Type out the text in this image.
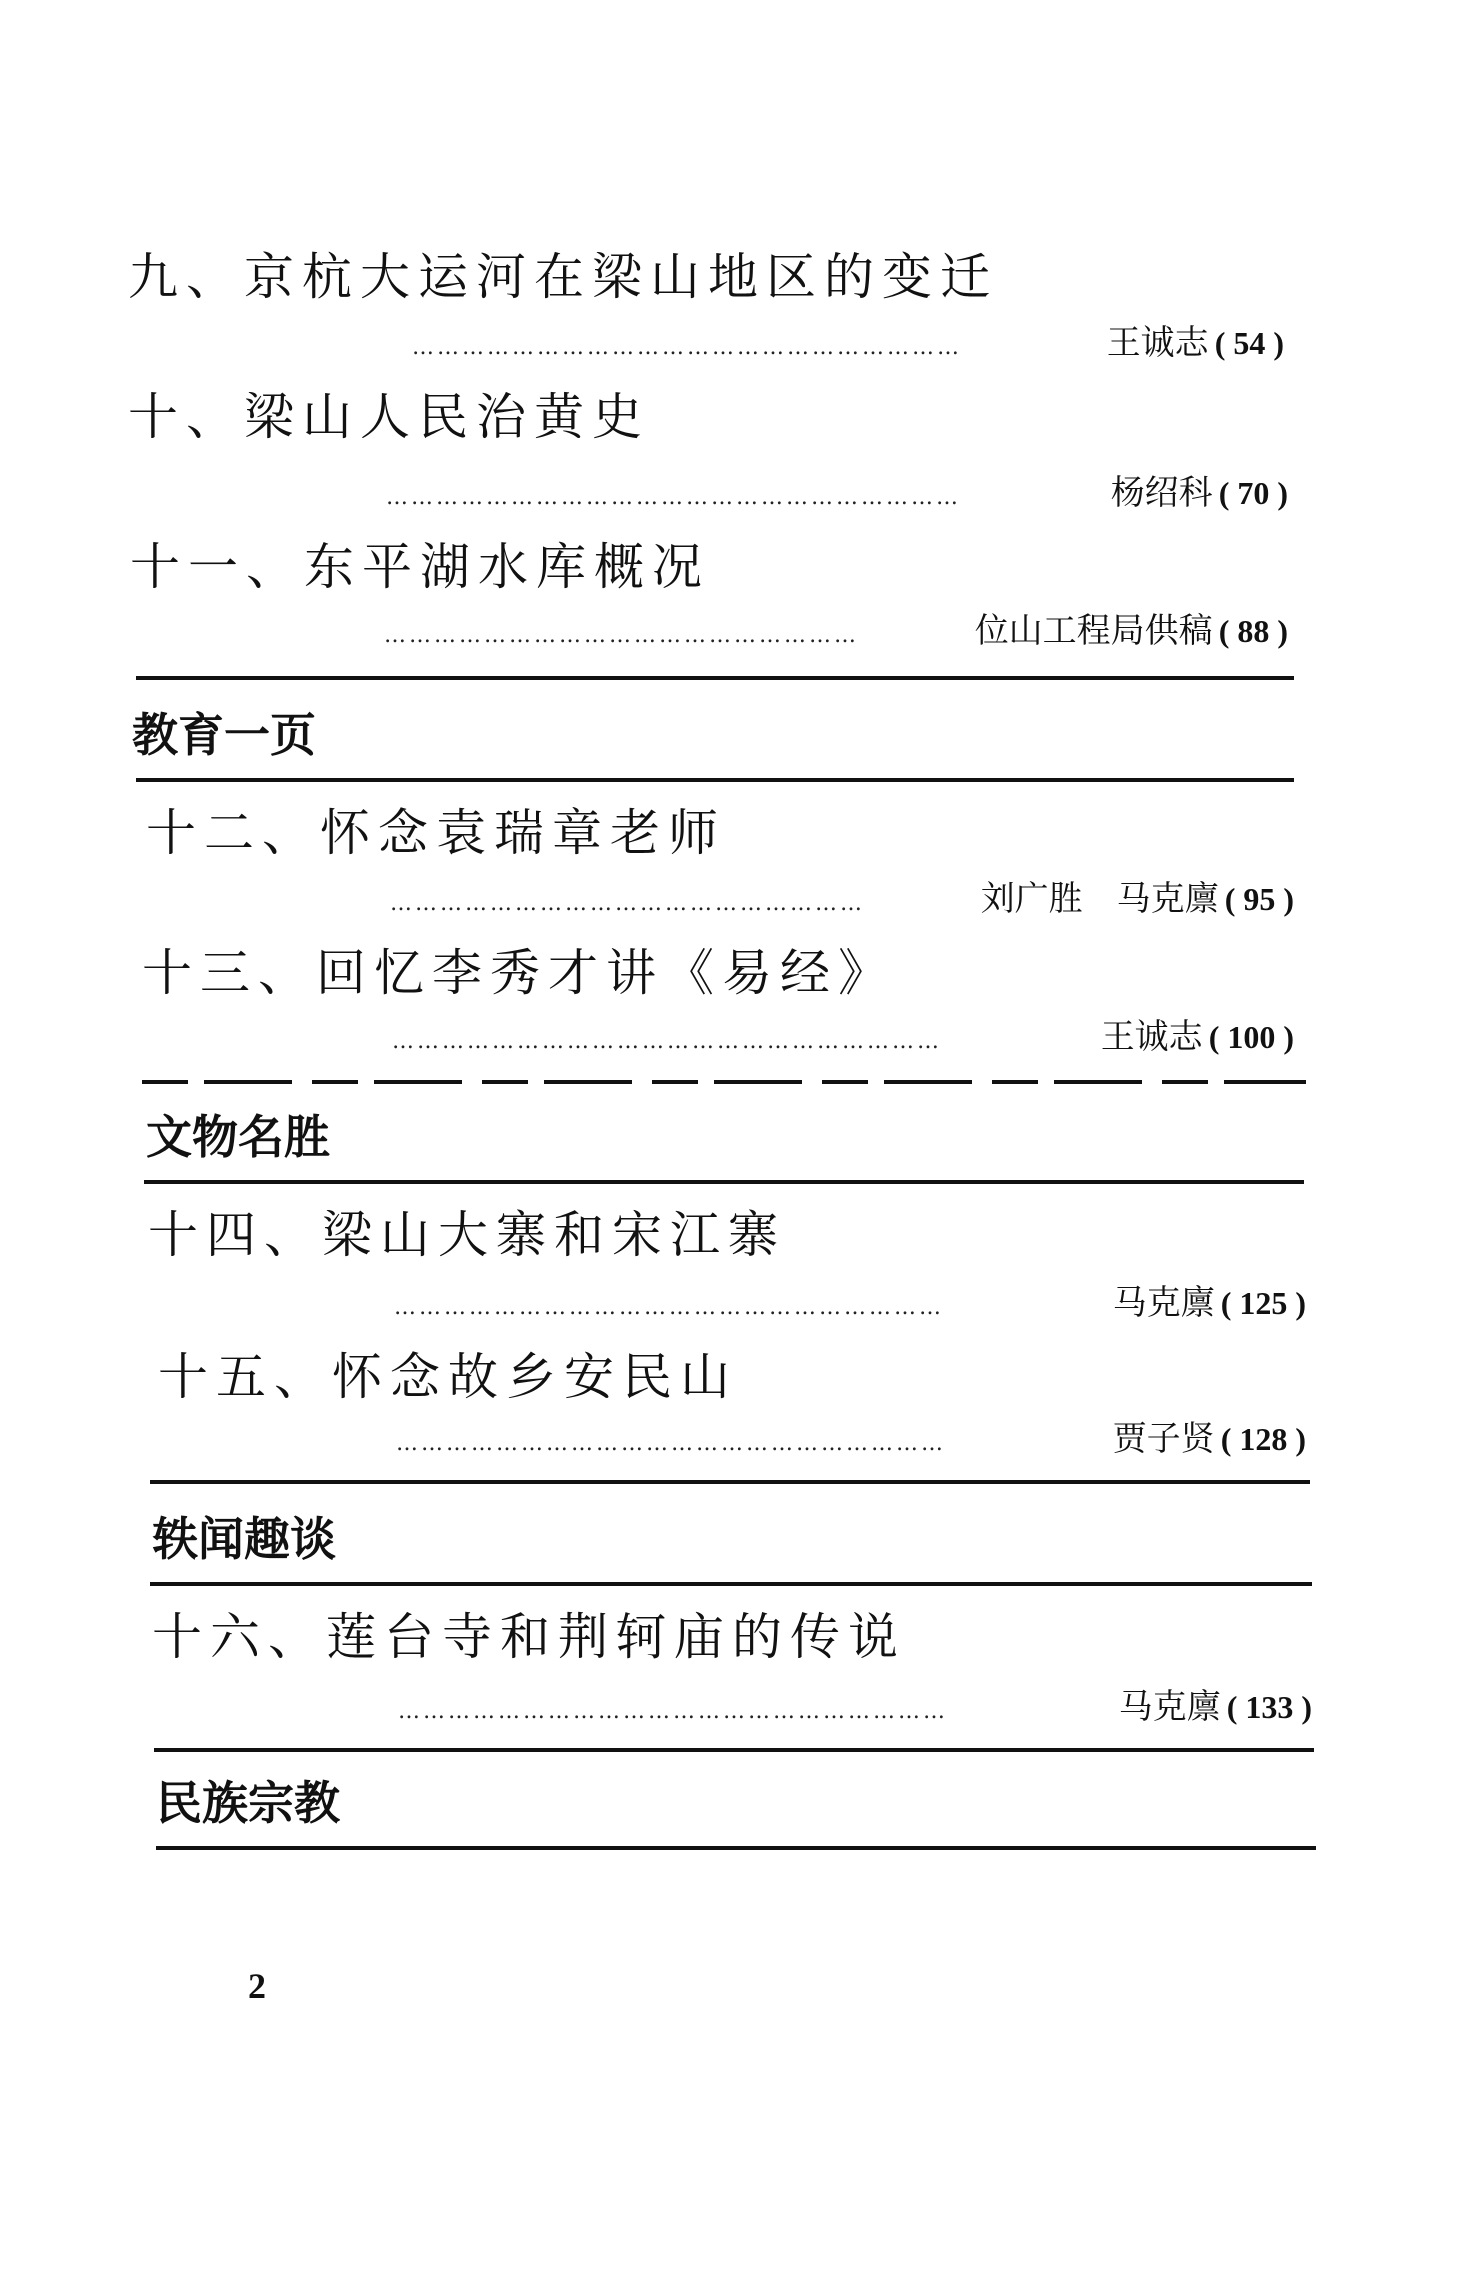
九、京杭大运河在梁山地区的变迁
…………………………………………………………	王诚志 ( 54 )
十、梁山人民治黄史
……………………………………………………………	杨绍科 ( 70 )
十一、东平湖水库概况
…………………………………………………	位山工程局供稿 ( 88 )
教育一页
十二、怀念袁瑞章老师
…………………………………………………	刘广胜　马克廪 ( 95 )
十三、回忆李秀才讲《易经》
…………………………………………………………	王诚志 ( 100 )
文物名胜
十四、梁山大寨和宋江寨
…………………………………………………………	马克廪 ( 125 )
十五、怀念故乡安民山
…………………………………………………………	贾子贤 ( 128 )
轶闻趣谈
十六、莲台寺和荆轲庙的传说
…………………………………………………………	马克廪 ( 133 )
民族宗教
2
